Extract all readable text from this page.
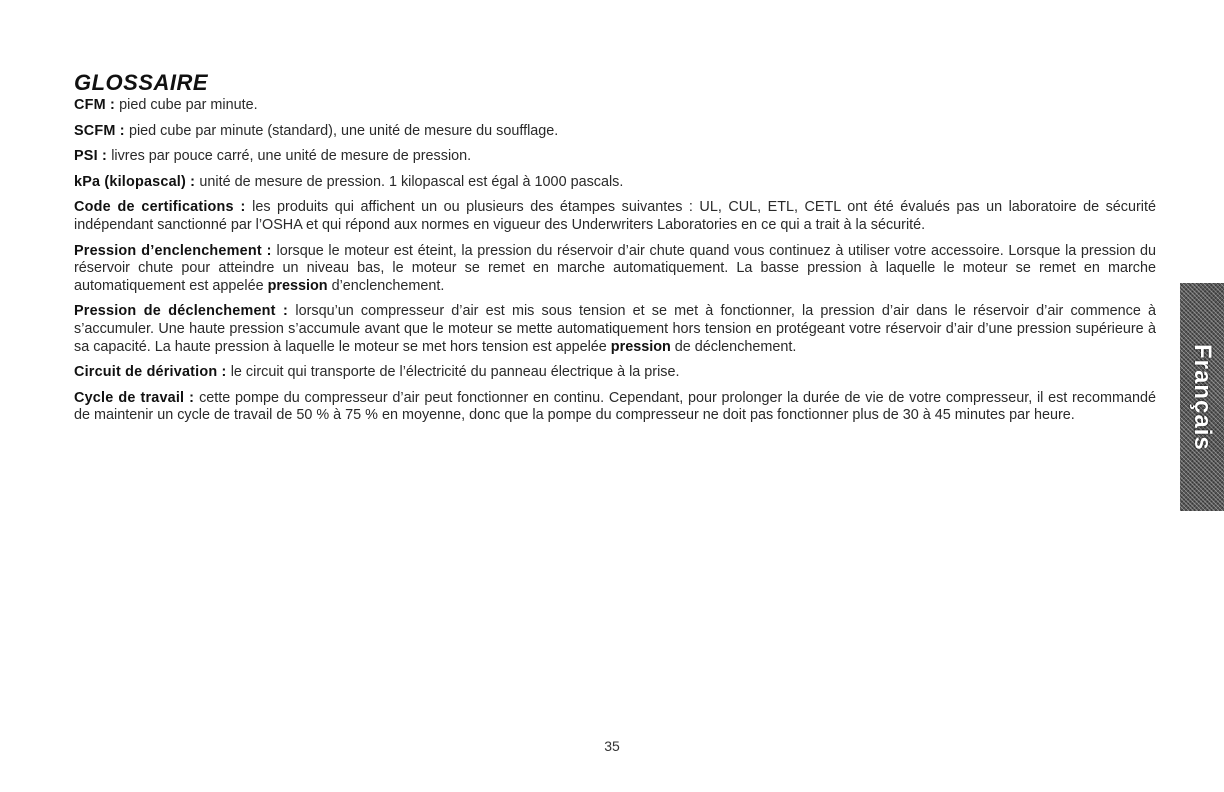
GLOSSAIRE

CFM : pied cube par minute.

SCFM : pied cube par minute (standard), une unité de mesure du soufflage.

PSI : livres par pouce carré, une unité de mesure de pression.

kPa (kilopascal) : unité de mesure de pression. 1 kilopascal est égal à 1000 pascals.

Code de certifications : les produits qui affichent un ou plusieurs des étampes suivantes : UL, CUL, ETL, CETL ont été évalués pas un laboratoire de sécurité indépendant sanctionné par l’OSHA et qui répond aux normes en vigueur des Underwriters Laboratories en ce qui a trait à la sécurité.

Pression d’enclenchement : lorsque le moteur est éteint, la pression du réservoir d’air chute quand vous continuez à utiliser votre accessoire. Lorsque la pression du réservoir chute pour atteindre un niveau bas, le moteur se remet en marche automatiquement. La basse pression à laquelle le moteur se remet en marche automatiquement est appelée pression d’enclenchement.

Pression de déclenchement : lorsqu’un compresseur d’air est mis sous tension et se met à fonctionner, la pression d’air dans le réservoir d’air commence à s’accumuler. Une haute pression s’accumule avant que le moteur se mette automatiquement hors tension en protégeant votre réservoir d’air d’une pression supérieure à sa capacité. La haute pression à laquelle le moteur se met hors tension est appelée pression de déclenchement.

Circuit de dérivation : le circuit qui transporte de l’électricité du panneau électrique à la prise.

Cycle de travail : cette pompe du compresseur d’air peut fonctionner en continu. Cependant, pour prolonger la durée de vie de votre compresseur, il est recommandé de maintenir un cycle de travail de 50 % à 75 % en moyenne, donc que la pompe du compresseur ne doit pas fonctionner plus de 30 à 45 minutes par heure.	Français
35
